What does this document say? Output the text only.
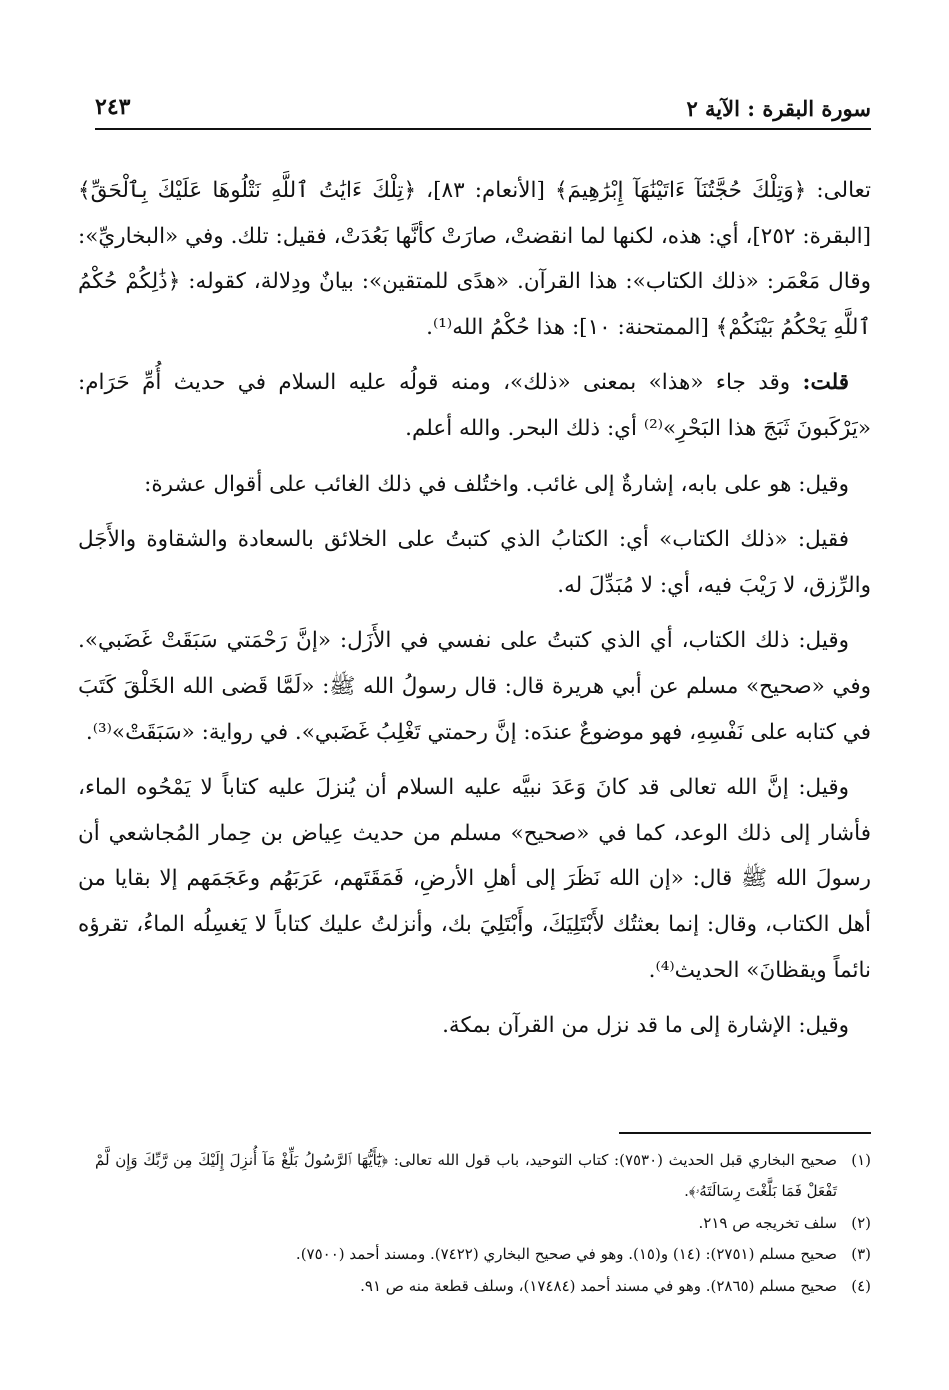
سورة البقرة : الآية ٢
٢٤٣

تعالى: ﴿وَتِلْكَ حُجَّتُنَآ ءَاتَيْنَٰهَآ إِبْرَٰهِيمَ﴾ [الأنعام: ٨٣]، ﴿تِلْكَ ءَايَٰتُ ٱللَّهِ نَتْلُوهَا عَلَيْكَ بِٱلْحَقِّ﴾ [البقرة: ٢٥٢]، أي: هذه، لكنها لما انقضتْ، صارَتْ كأنَّها بَعُدَتْ، فقيل: تلك. وفي «البخاريِّ»: وقال مَعْمَر: «ذلك الكتاب»: هذا القرآن. «هدًى للمتقين»: بيانٌ ودِلالة، كقوله: ﴿ذَٰلِكُمْ حُكْمُ ٱللَّهِ يَحْكُمُ بَيْنَكُمْ﴾ [الممتحنة: ١٠]: هذا حُكْمُ الله⁽¹⁾.

قلت: وقد جاء «هذا» بمعنى «ذلك»، ومنه قولُه عليه السلام في حديث أُمِّ حَرَام: «يَرْكَبونَ ثَبَجَ هذا البَحْرِ»⁽²⁾ أي: ذلك البحر. والله أعلم.

وقيل: هو على بابه، إشارةٌ إلى غائب. واختُلف في ذلك الغائب على أقوال عشرة:

فقيل: «ذلك الكتاب» أي: الكتابُ الذي كتبتُ على الخلائق بالسعادة والشقاوة والأَجَل والرِّزق، لا رَيْبَ فيه، أي: لا مُبَدِّلَ له.

وقيل: ذلك الكتاب، أي الذي كتبتُ على نفسي في الأَزَل: «إنَّ رَحْمَتي سَبَقَتْ غَضَبي». وفي «صحيح» مسلم عن أبي هريرة قال: قال رسولُ الله ﷺ: «لَمَّا قَضى الله الخَلْقَ كَتَبَ في كتابه على نَفْسِهِ، فهو موضوعٌ عندَه: إنَّ رحمتي تَغْلِبُ غَضَبي». في رواية: «سَبَقَتْ»⁽³⁾.

وقيل: إنَّ الله تعالى قد كانَ وَعَدَ نبيَّه عليه السلام أن يُنزلَ عليه كتاباً لا يَمْحُوه الماء، فأشار إلى ذلك الوعد، كما في «صحيح» مسلم من حديث عِياض بن حِمار المُجاشعي أن رسولَ الله ﷺ قال: «إن الله نَظَرَ إلى أهلِ الأرضِ، فَمَقَتَهم، عَرَبَهُم وعَجَمَهم إلا بقايا من أهل الكتاب، وقال: إنما بعثتُك لأَبْتَلِيَكَ، وأَبْتَلِيَ بك، وأنزلتُ عليك كتاباً لا يَغسِلُه الماءُ، تقرؤه نائماً ويقظانَ» الحديث⁽⁴⁾.

وقيل: الإشارة إلى ما قد نزل من القرآن بمكة.

(١)
صحيح البخاري قبل الحديث (٧٥٣٠): كتاب التوحيد، باب قول الله تعالى: ﴿يَٰٓأَيُّهَا ٱلرَّسُولُ بَلِّغْ مَآ أُنزِلَ إِلَيْكَ مِن رَّبِّكَ وَإِن لَّمْ تَفْعَلْ فَمَا بَلَّغْتَ رِسَالَتَهُۥ﴾.
(٢)
سلف تخريجه ص ٢١٩.
(٣)
صحيح مسلم (٢٧٥١): (١٤) و(١٥). وهو في صحيح البخاري (٧٤٢٢). ومسند أحمد (٧٥٠٠).
(٤)
صحيح مسلم (٢٨٦٥). وهو في مسند أحمد (١٧٤٨٤)، وسلف قطعة منه ص ٩١.
